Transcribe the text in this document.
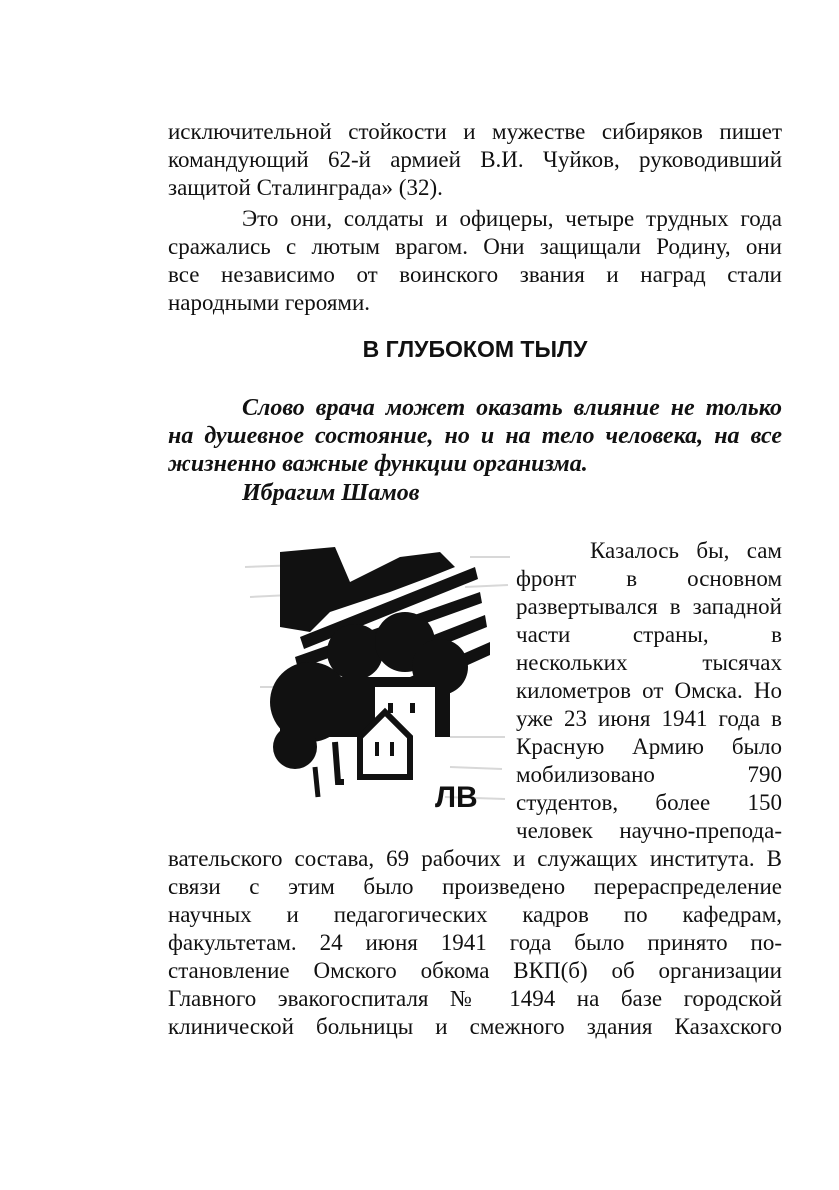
исключительной стойкости и мужестве сибиряков пишет
командующий 62-й армией В.И. Чуйков, руководивший
защитой Сталинграда» (32).
Это они, солдаты и офицеры, четыре трудных года
сражались с лютым врагом. Они защищали Родину, они
все независимо от воинского звания и наград стали
народными героями.
В ГЛУБОКОМ ТЫЛУ
Слово врача может оказать влияние не только
на душевное состояние, но и на тело человека, на все
жизненно важные функции организма.
Ибрагим Шамов
ЛВ
Казалось бы, сам
фронт в основном
развертывался в западной
части страны, в
нескольких тысячах
километров от Омска. Но
уже 23 июня 1941 года в
Красную Армию было
мобилизовано 790
студентов, более 150
человек научно-препода-
вательского состава, 69 рабочих и служащих института. В
связи с этим было произведено перераспределение
научных и педагогических кадров по кафедрам,
факультетам. 24 июня 1941 года было принято по-
становление Омского обкома ВКП(б) об организации
Главного эвакогоспиталя № 1494 на базе городской
клинической больницы и смежного здания Казахского
